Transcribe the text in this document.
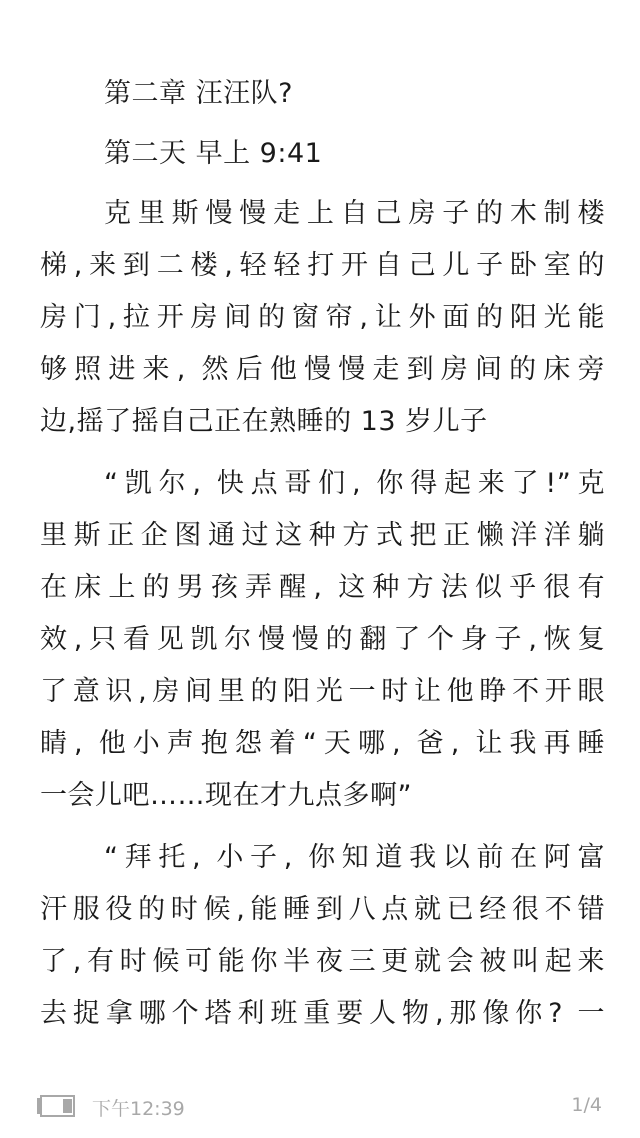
第二章 汪汪队?
第二天 早上 9:41
克里斯慢慢走上自己房子的木制楼
梯,来到二楼,轻轻打开自己儿子卧室的
房门,拉开房间的窗帘,让外面的阳光能
够照进来, 然后他慢慢走到房间的床旁
边,摇了摇自己正在熟睡的 13 岁儿子
“凯尔, 快点哥们, 你得起来了!”克
里斯正企图通过这种方式把正懒洋洋躺
在床上的男孩弄醒, 这种方法似乎很有
效,只看见凯尔慢慢的翻了个身子,恢复
了意识,房间里的阳光一时让他睁不开眼
睛, 他小声抱怨着“天哪, 爸, 让我再睡
一会儿吧……现在才九点多啊”
“拜托, 小子, 你知道我以前在阿富
汗服役的时候,能睡到八点就已经很不错
了,有时候可能你半夜三更就会被叫起来
去捉拿哪个塔利班重要人物,那像你? 一
下午12:39	1/4
